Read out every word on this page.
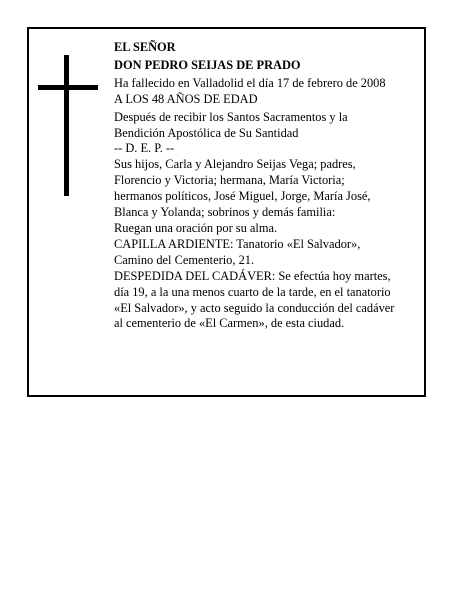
EL SEÑOR
DON PEDRO SEIJAS DE PRADO
Ha fallecido en Valladolid el día 17 de febrero de 2008
A LOS 48 AÑOS DE EDAD
Después de recibir los Santos Sacramentos y la
Bendición Apostólica de Su Santidad
-- D. E. P. --
Sus hijos, Carla y Alejandro Seijas Vega; padres,
Florencio y Victoria; hermana, María Victoria;
hermanos políticos, José Miguel, Jorge, María José,
Blanca y Yolanda; sobrinos y demás familia:
Ruegan una oración por su alma.
CAPILLA ARDIENTE: Tanatorio «El Salvador»,
Camino del Cementerio, 21.
DESPEDIDA DEL CADÁVER: Se efectúa hoy martes,
día 19, a la una menos cuarto de la tarde, en el tanatorio
«El Salvador», y acto seguido la conducción del cadáver
al cementerio de «El Carmen», de esta ciudad.
